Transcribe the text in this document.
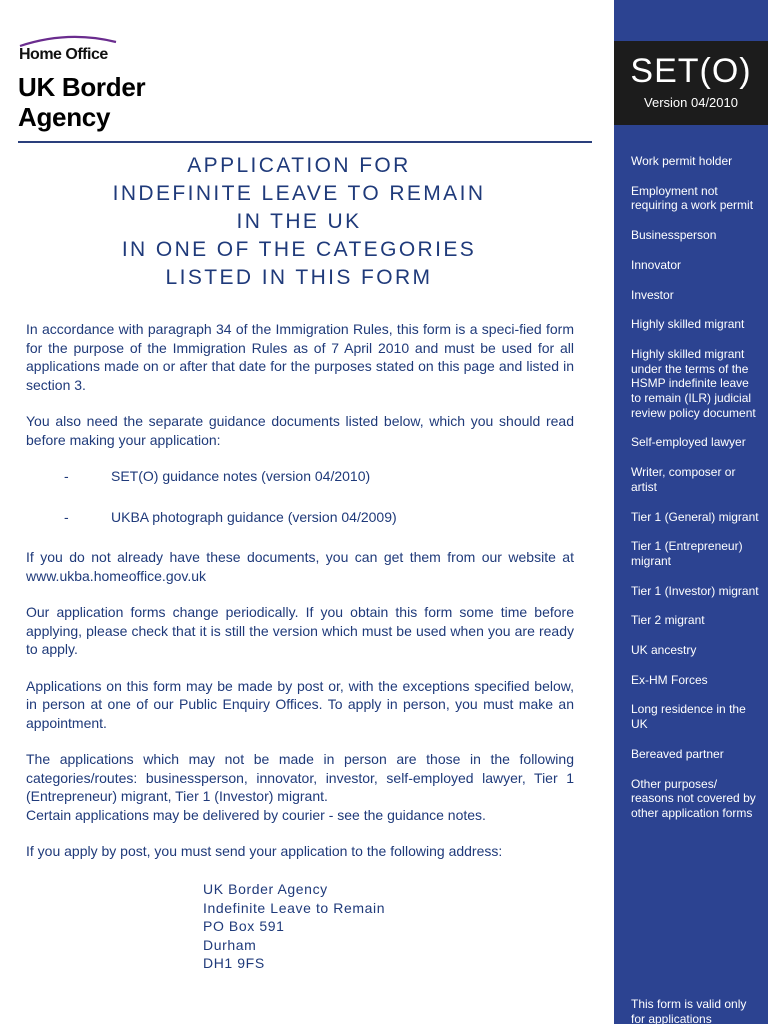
Home Office
UK Border
Agency
APPLICATION FOR
INDEFINITE LEAVE TO REMAIN
IN THE UK
IN ONE OF THE CATEGORIES
LISTED IN THIS FORM

In accordance with paragraph 34 of the Immigration Rules, this form is a speci-fied form for the purpose of the Immigration Rules as of 7 April 2010 and must be used for all applications made on or after that date for the purposes stated on this page and listed in section 3.

You also need the separate guidance documents listed below, which you should read before making your application:

-	SET(O) guidance notes (version 04/2010)
-	UKBA photograph guidance (version 04/2009)

If you do not already have these documents, you can get them from our website at www.ukba.homeoffice.gov.uk

Our application forms change periodically. If you obtain this form some time before applying, please check that it is still the version which must be used when you are ready to apply.

Applications on this form may be made by post or, with the exceptions specified below, in person at one of our Public Enquiry Offices. To apply in person, you must make an appointment.

The applications which may not be made in person are those in the following categories/routes: businessperson, innovator, investor, self-employed lawyer, Tier 1 (Entrepreneur) migrant, Tier 1 (Investor) migrant.
Certain applications may be delivered by courier - see the guidance notes.

If you apply by post, you must send your application to the following address:

UK Border Agency
Indefinite Leave to Remain
PO Box 591
Durham
DH1 9FS
SET(O)
Version 04/2010
Work permit holder
Employment not requiring a work permit
Businessperson
Innovator
Investor
Highly skilled migrant
Highly skilled migrant under the terms of the HSMP indefinite leave to remain (ILR) judicial review policy document
Self-employed lawyer
Writer, composer or artist
Tier 1 (General) migrant
Tier 1 (Entrepreneur) migrant
Tier 1 (Investor) migrant
Tier 2 migrant
UK ancestry
Ex-HM Forces
Long residence in the UK
Bereaved partner
Other purposes/ reasons not covered by other application forms
This form is valid only for applications
